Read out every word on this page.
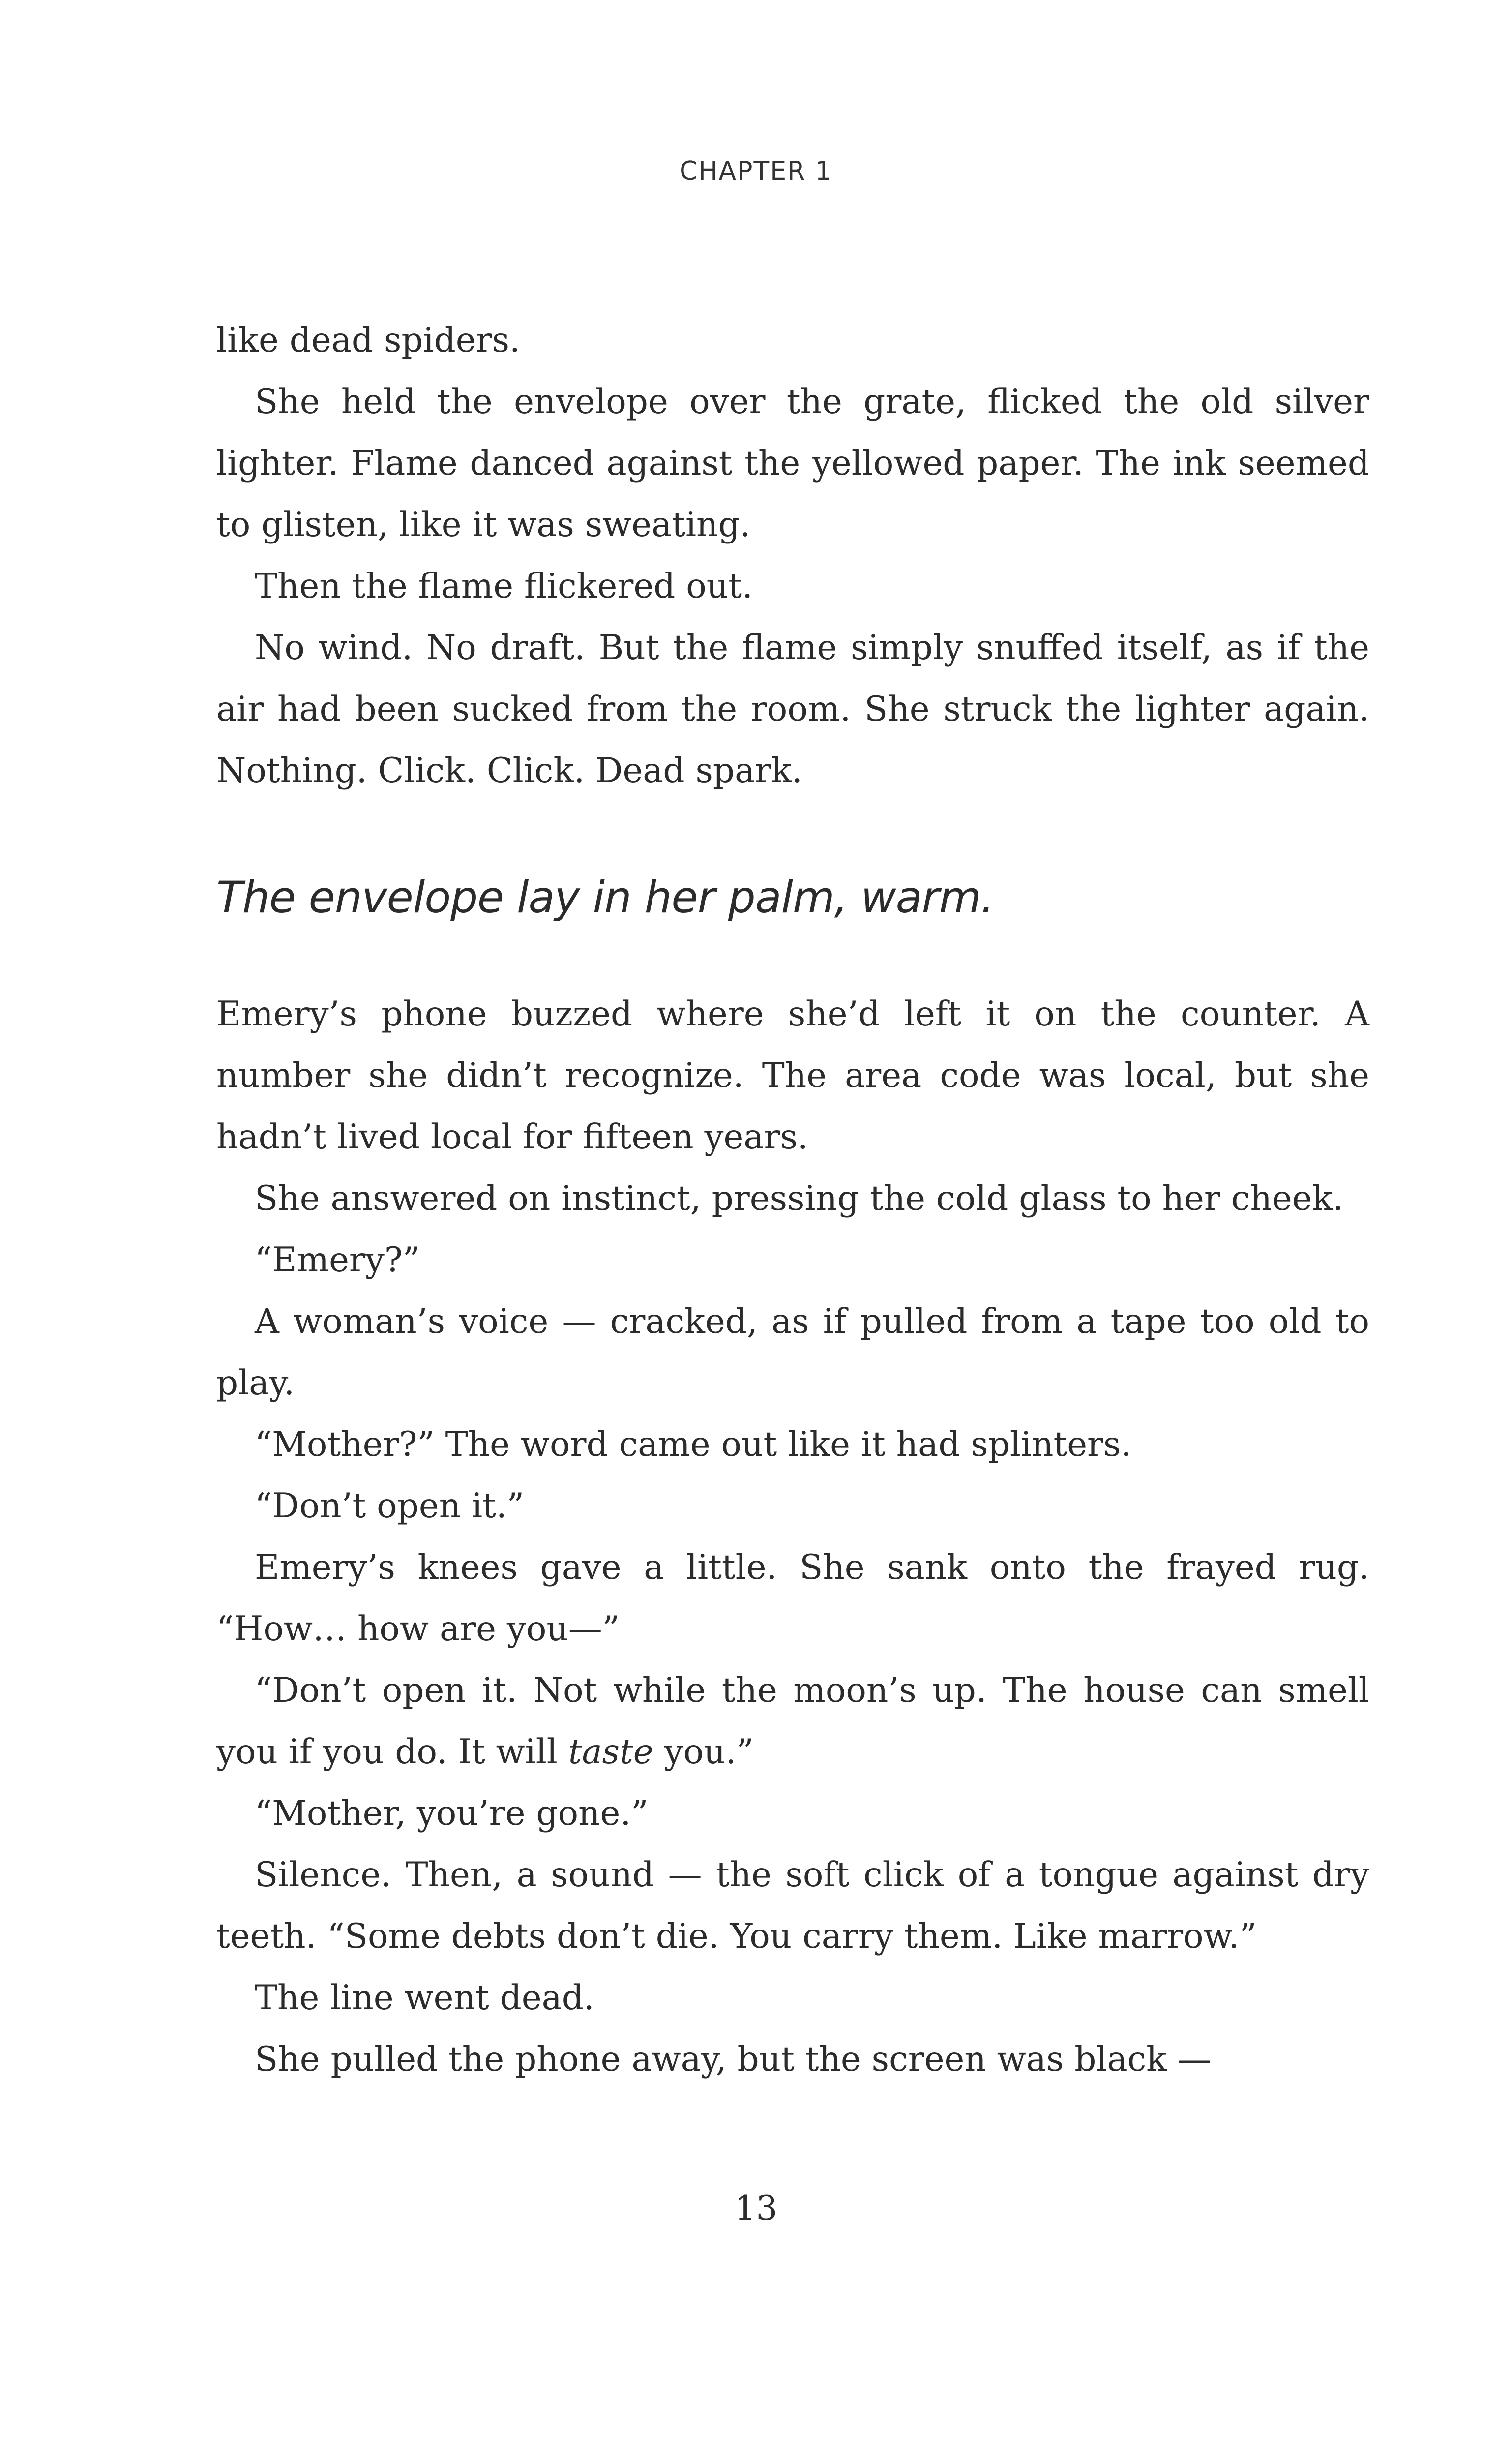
CHAPTER 1

like dead spiders.

She held the envelope over the grate, flicked the old silver lighter. Flame danced against the yellowed paper. The ink seemed to glisten, like it was sweating.

Then the flame flickered out.

No wind. No draft. But the flame simply snuffed itself, as if the air had been sucked from the room. She struck the lighter again. Nothing. Click. Click. Dead spark.

The envelope lay in her palm, warm.

Emery’s phone buzzed where she’d left it on the counter. A number she didn’t recognize. The area code was local, but she hadn’t lived local for fifteen years.

She answered on instinct, pressing the cold glass to her cheek.

“Emery?”

A woman’s voice — cracked, as if pulled from a tape too old to play.

“Mother?” The word came out like it had splinters.

“Don’t open it.”

Emery’s knees gave a little. She sank onto the frayed rug. “How… how are you—”

“Don’t open it. Not while the moon’s up. The house can smell you if you do. It will taste you.”

“Mother, you’re gone.”

Silence. Then, a sound — the soft click of a tongue against dry teeth. “Some debts don’t die. You carry them. Like marrow.”

The line went dead.

She pulled the phone away, but the screen was black —

13
